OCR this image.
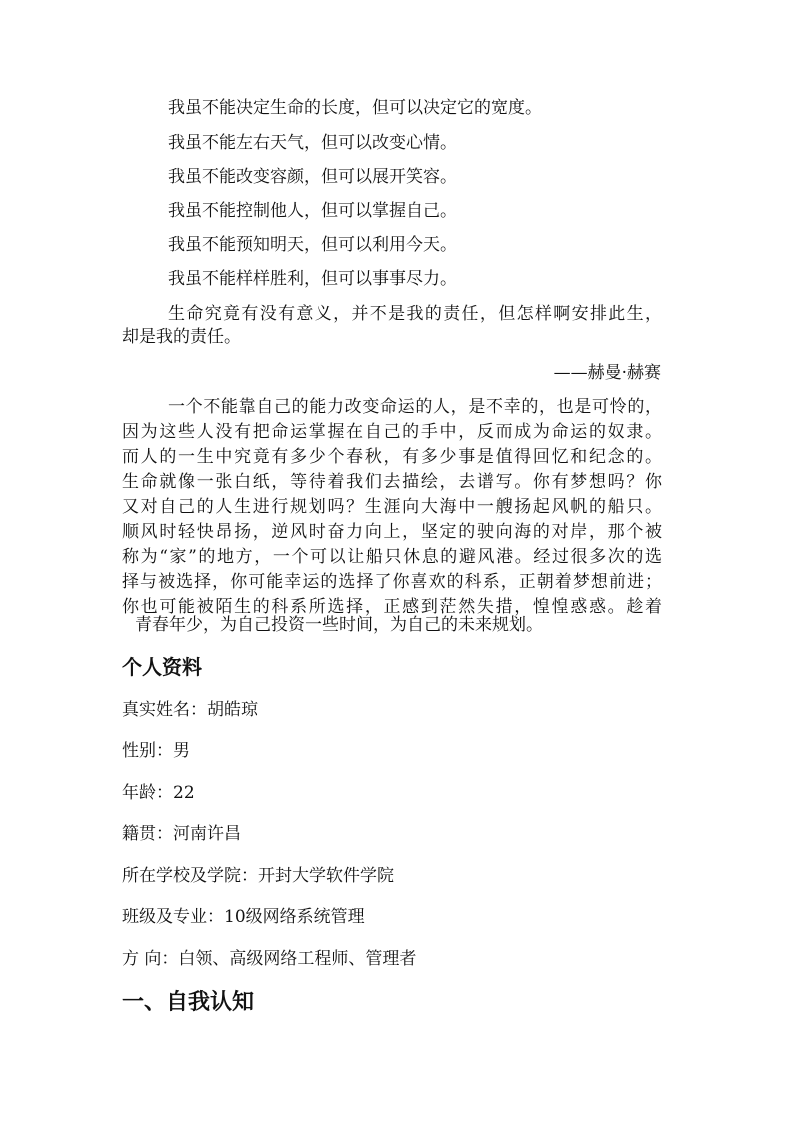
我虽不能决定生命的长度，但可以决定它的宽度。
我虽不能左右天气，但可以改变心情。
我虽不能改变容颜，但可以展开笑容。
我虽不能控制他人，但可以掌握自己。
我虽不能预知明天，但可以利用今天。
我虽不能样样胜利，但可以事事尽力。
生命究竟有没有意义，并不是我的责任，但怎样啊安排此生，
却是我的责任。
——赫曼·赫赛
一个不能靠自己的能力改变命运的人，是不幸的，也是可怜的，
因为这些人没有把命运掌握在自己的手中，反而成为命运的奴隶。
而人的一生中究竟有多少个春秋，有多少事是值得回忆和纪念的。
生命就像一张白纸，等待着我们去描绘，去谱写。你有梦想吗？你
又对自己的人生进行规划吗？生涯向大海中一艘扬起风帆的船只。
顺风时轻快昂扬，逆风时奋力向上，坚定的驶向海的对岸，那个被
称为“家”的地方，一个可以让船只休息的避风港。经过很多次的选
择与被选择，你可能幸运的选择了你喜欢的科系，正朝着梦想前进；
你也可能被陌生的科系所选择，正感到茫然失措，惶惶惑惑。趁着
青春年少，为自己投资一些时间，为自己的未来规划。
个人资料
真实姓名：胡皓琼
性别：男
年龄：22
籍贯：河南许昌
所在学校及学院：开封大学软件学院
班级及专业：10级网络系统管理
方 向：白领、高级网络工程师、管理者
一、自我认知
